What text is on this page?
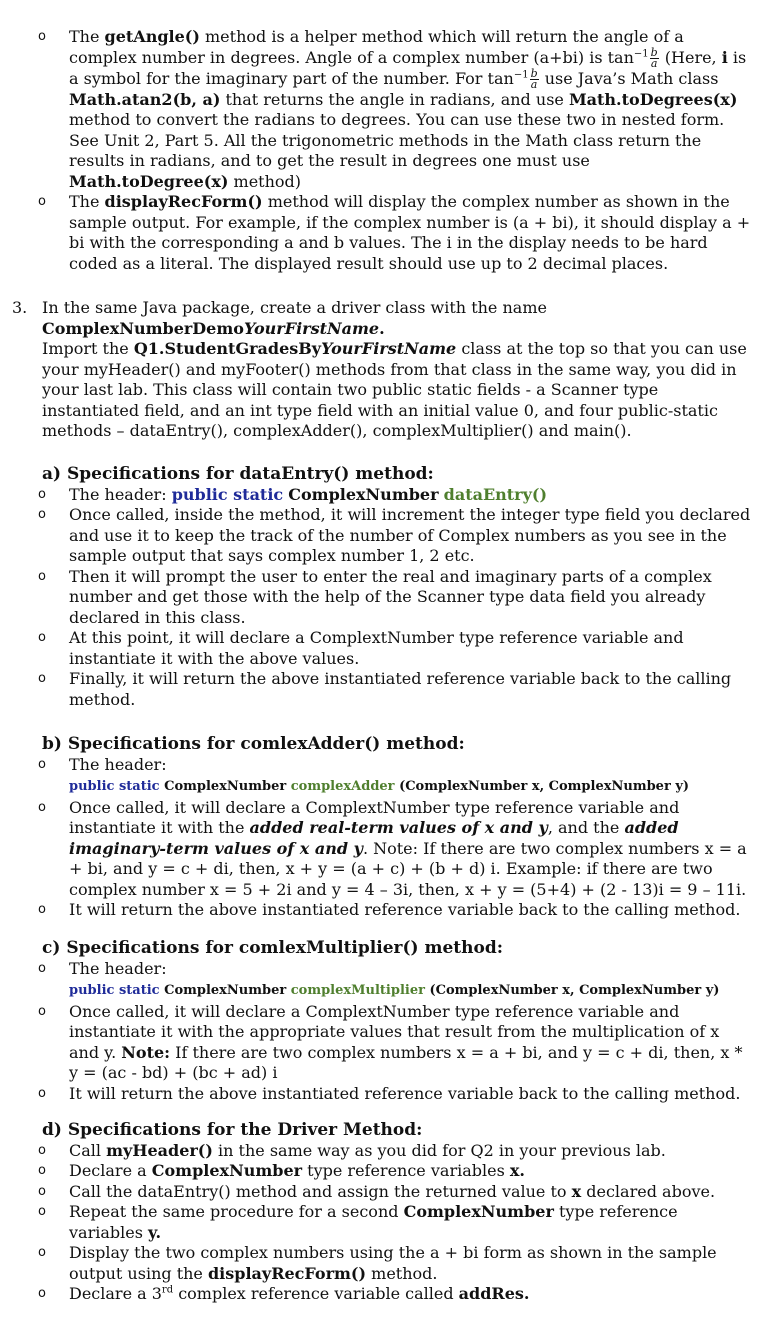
o The getAngle() method is a helper method which will return the angle of a complex number in degrees. Angle of a complex number (a+bi) is $\tan^{-1} \frac{b}{a}$ (Here, i is a symbol for the imaginary part of the number. For $\tan^{-1} \frac{b}{a}$ use Java’s Math class Math.atan2(b, a) that returns the angle in radians, and use Math.toDegrees(x) method to convert the radians to degrees. You can use these two in nested form. See Unit 2, Part 5. All the trigonometric methods in the Math class return the results in radians, and to get the result in degrees one must use Math.toDegree(x) method)
o The displayRecForm() method will display the complex number as shown in the sample output. For example, if the complex number is (a + bi), it should display a + bi with the corresponding a and b values. The i in the display needs to be hard coded as a literal. The displayed result should use up to 2 decimal places.
3. In the same Java package, create a driver class with the name
ComplexNumberDemoYourFirstName.
Import the Q1.StudentGradesByYourFirstName class at the top so that you can use your myHeader() and myFooter() methods from that class in the same way, you did in your last lab. This class will contain two public static fields - a Scanner type instantiated field, and an int type field with an initial value 0, and four public-static methods – dataEntry(), complexAdder(), complexMultiplier() and main().
a) Specifications for dataEntry() method:
o The header: public static ComplexNumber dataEntry()
o Once called, inside the method, it will increment the integer type field you declared and use it to keep the track of the number of Complex numbers as you see in the sample output that says complex number 1, 2 etc.
o Then it will prompt the user to enter the real and imaginary parts of a complex number and get those with the help of the Scanner type data field you already declared in this class.
o At this point, it will declare a ComplextNumber type reference variable and instantiate it with the above values.
o Finally, it will return the above instantiated reference variable back to the calling method.
b) Specifications for comlexAdder() method:
o The header:
public static ComplexNumber complexAdder (ComplexNumber x, ComplexNumber y)
o Once called, it will declare a ComplextNumber type reference variable and instantiate it with the added real-term values of x and y, and the added imaginary-term values of x and y. Note: If there are two complex numbers x = a + bi, and y = c + di, then, x + y = (a + c) + (b + d) i. Example: if there are two complex number x = 5 + 2i and y = 4 – 3i, then, x + y = (5+4) + (2 - 13)i = 9 – 11i.
o It will return the above instantiated reference variable back to the calling method.
c) Specifications for comlexMultiplier() method:
o The header:
public static ComplexNumber complexMultiplier (ComplexNumber x, ComplexNumber y)
o Once called, it will declare a ComplextNumber type reference variable and instantiate it with the appropriate values that result from the multiplication of x and y. Note: If there are two complex numbers x = a + bi, and y = c + di, then, x * y = (ac - bd) + (bc + ad) i
o It will return the above instantiated reference variable back to the calling method.
d) Specifications for the Driver Method:
o Call myHeader() in the same way as you did for Q2 in your previous lab.
o Declare a ComplexNumber type reference variables x.
o Call the dataEntry() method and assign the returned value to x declared above.
o Repeat the same procedure for a second ComplexNumber type reference variables y.
o Display the two complex numbers using the a + bi form as shown in the sample output using the displayRecForm() method.
o Declare a 3rd complex reference variable called addRes.
